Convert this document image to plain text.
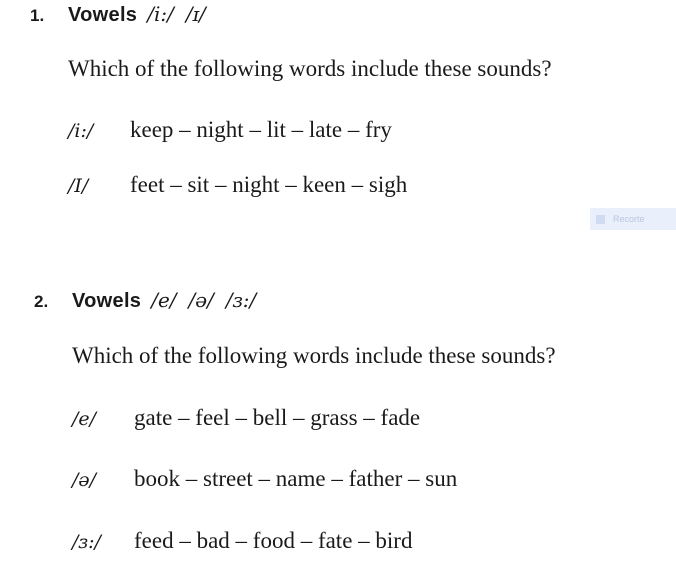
1.	Vowels /i:/ /ɪ/
Which of the following words include these sounds?
/i:/	keep – night – lit – late – fry
/I/	feet – sit – night – keen – sigh
Recorte
2.	Vowels /e/ /ə/ /ɜ:/
Which of the following words include these sounds?
/e/	gate – feel – bell – grass – fade
/ə/	book – street – name – father – sun
/ɜ:/	feed – bad – food – fate – bird
